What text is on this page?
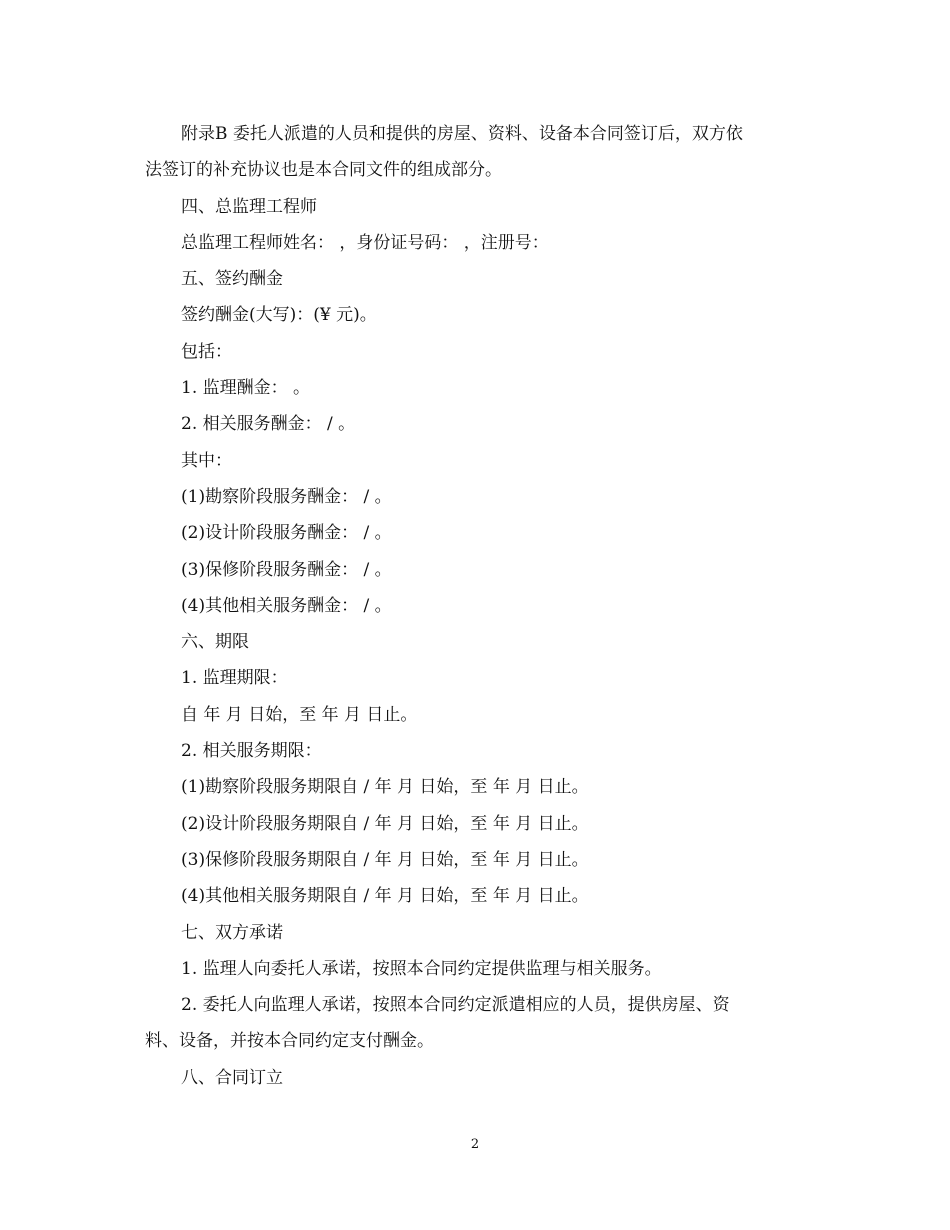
附录B 委托人派遣的人员和提供的房屋、资料、设备本合同签订后，双方依
法签订的补充协议也是本合同文件的组成部分。
四、总监理工程师
总监理工程师姓名： ，身份证号码： ，注册号：
五、签约酬金
签约酬金(大写)：(¥ 元)。
包括：
1. 监理酬金： 。
2. 相关服务酬金： / 。
其中：
(1)勘察阶段服务酬金： / 。
(2)设计阶段服务酬金： / 。
(3)保修阶段服务酬金： / 。
(4)其他相关服务酬金： / 。
六、期限
1. 监理期限：
自 年 月 日始，至 年 月 日止。
2. 相关服务期限：
(1)勘察阶段服务期限自 / 年 月 日始，至 年 月 日止。
(2)设计阶段服务期限自 / 年 月 日始，至 年 月 日止。
(3)保修阶段服务期限自 / 年 月 日始，至 年 月 日止。
(4)其他相关服务期限自 / 年 月 日始，至 年 月 日止。
七、双方承诺
1. 监理人向委托人承诺，按照本合同约定提供监理与相关服务。
2. 委托人向监理人承诺，按照本合同约定派遣相应的人员，提供房屋、资
料、设备，并按本合同约定支付酬金。
八、合同订立
2
